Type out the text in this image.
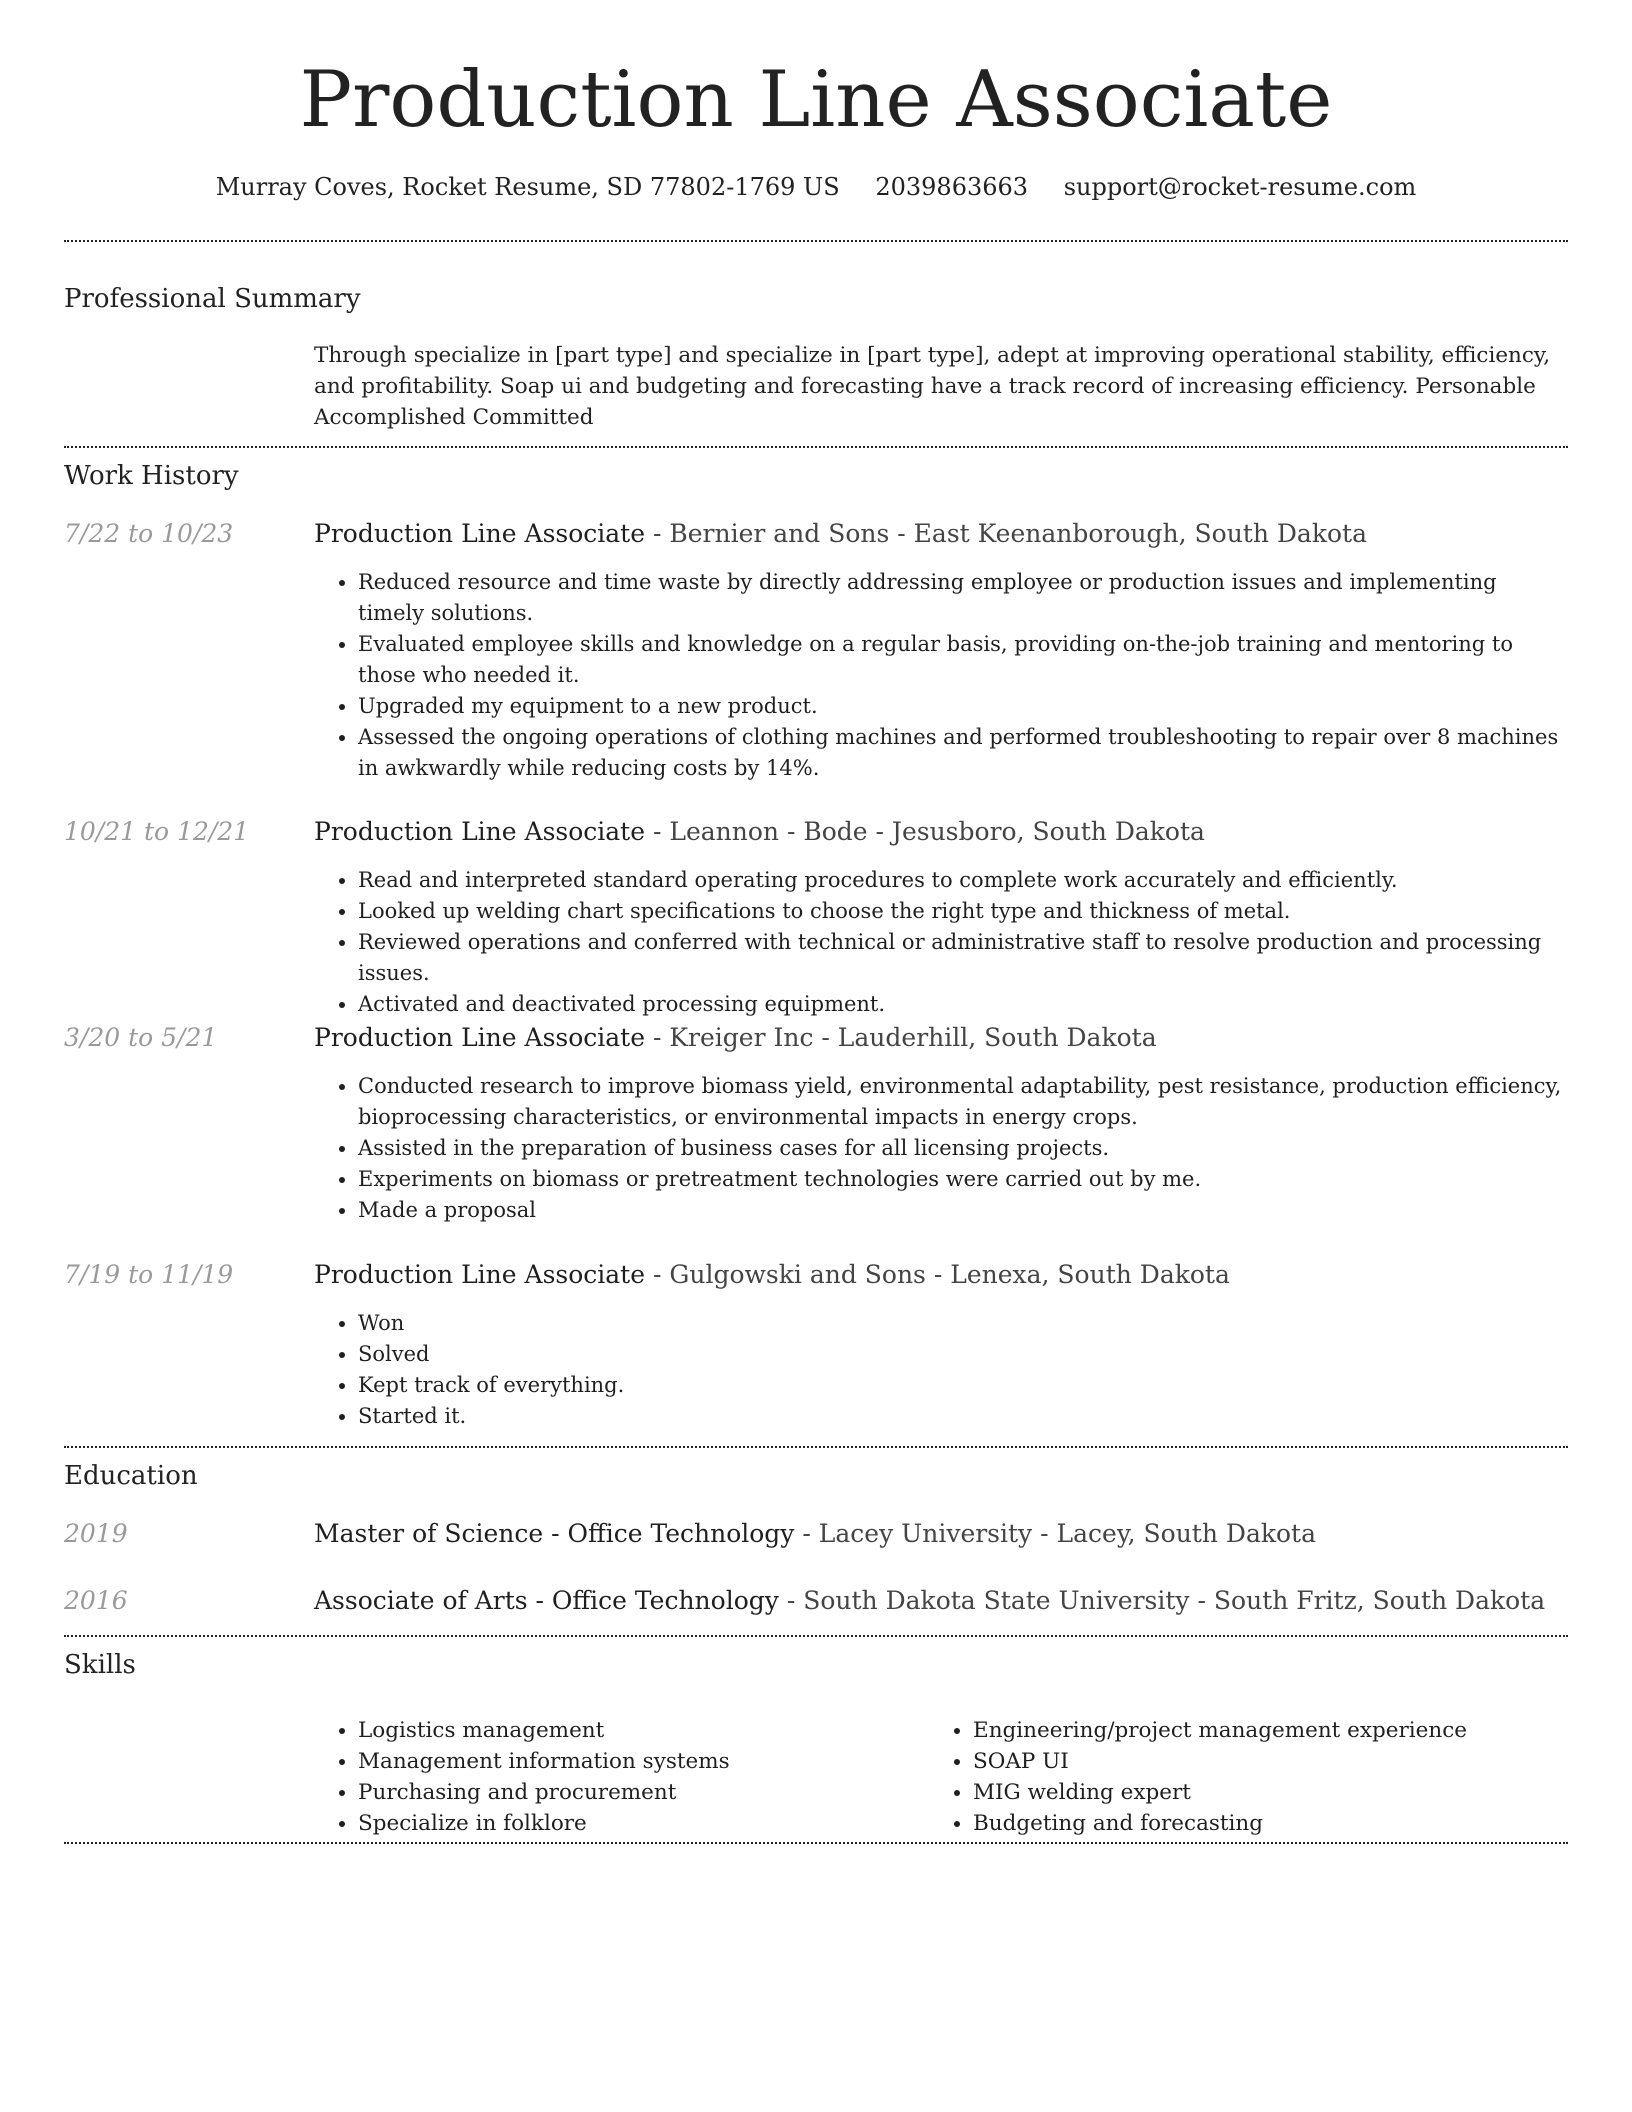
Production Line Associate
Murray Coves, Rocket Resume, SD 77802-1769 US 2039863663 support@rocket-resume.com
Professional Summary
Through specialize in [part type] and specialize in [part type], adept at improving operational stability, efficiency, and profitability. Soap ui and budgeting and forecasting have a track record of increasing efficiency. Personable Accomplished Committed
Work History
7/22 to 10/23	Production Line Associate - Bernier and Sons - East Keenanborough, South Dakota
• Reduced resource and time waste by directly addressing employee or production issues and implementing timely solutions.
• Evaluated employee skills and knowledge on a regular basis, providing on-the-job training and mentoring to those who needed it.
• Upgraded my equipment to a new product.
• Assessed the ongoing operations of clothing machines and performed troubleshooting to repair over 8 machines in awkwardly while reducing costs by 14%.
10/21 to 12/21	Production Line Associate - Leannon - Bode - Jesusboro, South Dakota
• Read and interpreted standard operating procedures to complete work accurately and efficiently.
• Looked up welding chart specifications to choose the right type and thickness of metal.
• Reviewed operations and conferred with technical or administrative staff to resolve production and processing issues.
• Activated and deactivated processing equipment.
3/20 to 5/21	Production Line Associate - Kreiger Inc - Lauderhill, South Dakota
• Conducted research to improve biomass yield, environmental adaptability, pest resistance, production efficiency, bioprocessing characteristics, or environmental impacts in energy crops.
• Assisted in the preparation of business cases for all licensing projects.
• Experiments on biomass or pretreatment technologies were carried out by me.
• Made a proposal
7/19 to 11/19	Production Line Associate - Gulgowski and Sons - Lenexa, South Dakota
• Won
• Solved
• Kept track of everything.
• Started it.
Education
2019	Master of Science - Office Technology - Lacey University - Lacey, South Dakota
2016	Associate of Arts - Office Technology - South Dakota State University - South Fritz, South Dakota
Skills
• Logistics management
• Management information systems
• Purchasing and procurement
• Specialize in folklore
• Engineering/project management experience
• SOAP UI
• MIG welding expert
• Budgeting and forecasting
